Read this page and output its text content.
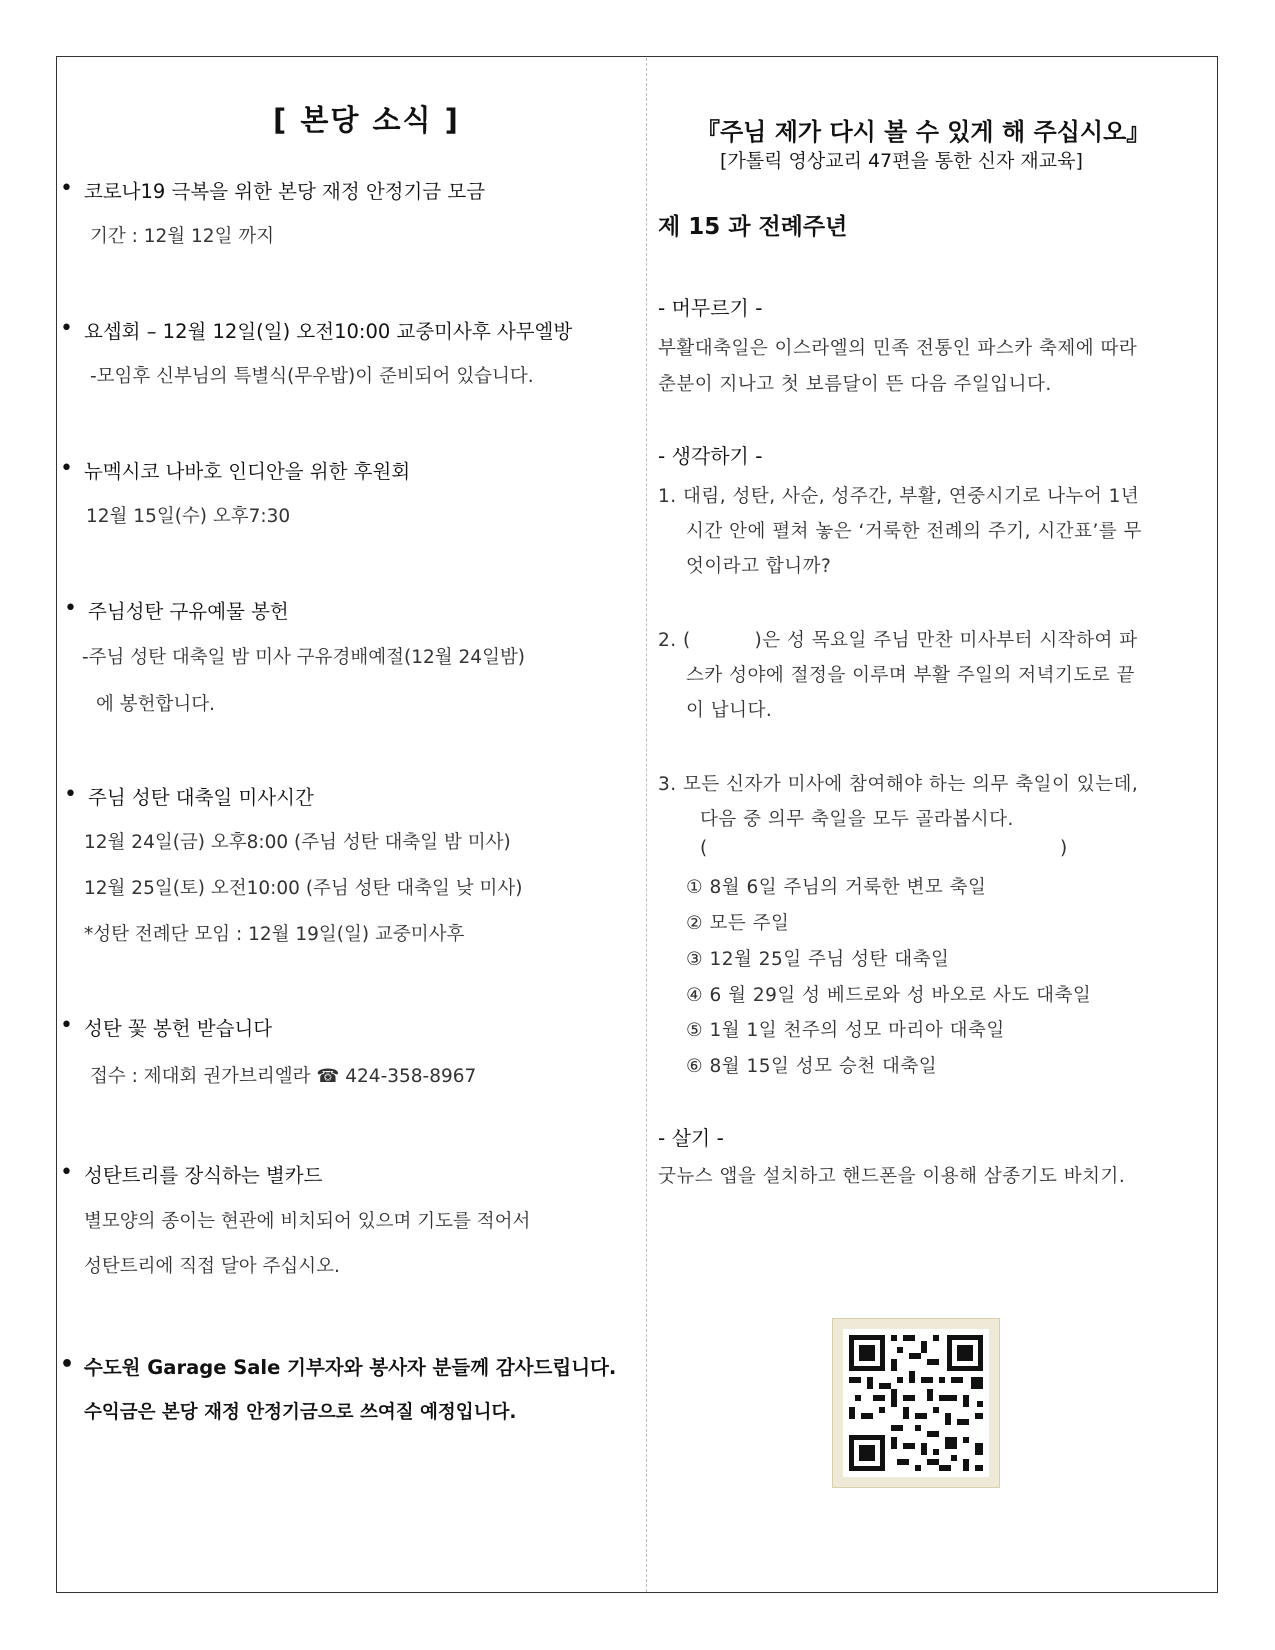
[ 본당 소식 ]
• 코로나19 극복을 위한 본당 재정 안정기금 모금
기간 : 12월 12일 까지
• 요셉회 – 12월 12일(일) 오전10:00 교중미사후 사무엘방
-모임후 신부님의 특별식(무우밥)이 준비되어 있습니다.
• 뉴멕시코 나바호 인디안을 위한 후원회
12월 15일(수) 오후7:30
• 주님성탄 구유예물 봉헌
-주님 성탄 대축일 밤 미사 구유경배예절(12월 24일밤)
에 봉헌합니다.
• 주님 성탄 대축일 미사시간
12월 24일(금) 오후8:00 (주님 성탄 대축일 밤 미사)
12월 25일(토) 오전10:00 (주님 성탄 대축일 낮 미사)
*성탄 전례단 모임 : 12월 19일(일) 교중미사후
• 성탄 꽃 봉헌 받습니다
접수 : 제대회 권가브리엘라 ☎ 424-358-8967
• 성탄트리를 장식하는 별카드
별모양의 종이는 현관에 비치되어 있으며 기도를 적어서
성탄트리에 직접 달아 주십시오.
• 수도원 Garage Sale 기부자와 봉사자 분들께 감사드립니다.
수익금은 본당 재정 안정기금으로 쓰여질 예정입니다.
『주님 제가 다시 볼 수 있게 해 주십시오』
[가톨릭 영상교리 47편을 통한 신자 재교육]
제 15 과 전례주년
- 머무르기 -
부활대축일은 이스라엘의 민족 전통인 파스카 축제에 따라
춘분이 지나고 첫 보름달이 뜬 다음 주일입니다.
- 생각하기 -
1. 대림, 성탄, 사순, 성주간, 부활, 연중시기로 나누어 1년
시간 안에 펼쳐 놓은 ‘거룩한 전례의 주기, 시간표’를 무
엇이라고 합니까?
2. (          )은 성 목요일 주님 만찬 미사부터 시작하여 파
스카 성야에 절정을 이루며 부활 주일의 저녁기도로 끝
이 납니다.
3. 모든 신자가 미사에 참여해야 하는 의무 축일이 있는데,
다음 중 의무 축일을 모두 골라봅시다.
(	)
① 8월 6일 주님의 거룩한 변모 축일
② 모든 주일
③ 12월 25일 주님 성탄 대축일
④ 6 월 29일 성 베드로와 성 바오로 사도 대축일
⑤ 1월 1일 천주의 성모 마리아 대축일
⑥ 8월 15일 성모 승천 대축일
- 살기 -
굿뉴스 앱을 설치하고 핸드폰을 이용해 삼종기도 바치기.
